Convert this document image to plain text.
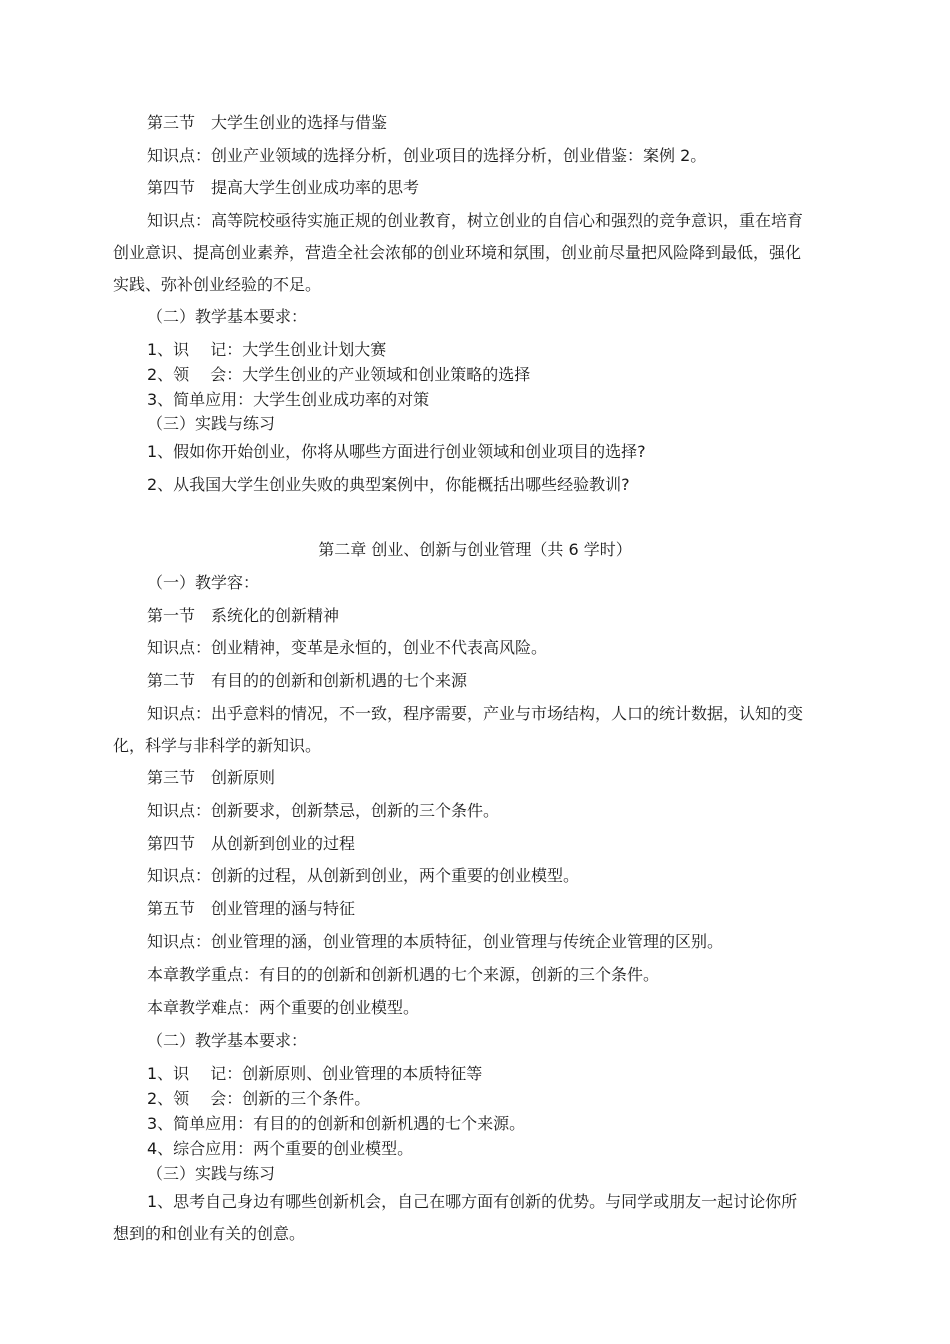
第三节　大学生创业的选择与借鉴
知识点：创业产业领域的选择分析，创业项目的选择分析，创业借鉴：案例 2。
第四节　提高大学生创业成功率的思考
知识点：高等院校亟待实施正规的创业教育，树立创业的自信心和强烈的竞争意识，重在培育
创业意识、提高创业素养，营造全社会浓郁的创业环境和氛围，创业前尽量把风险降到最低，强化
实践、弥补创业经验的不足。
（二）教学基本要求：
1、识　 记：大学生创业计划大赛
2、领　 会：大学生创业的产业领域和创业策略的选择
3、简单应用：大学生创业成功率的对策
（三）实践与练习
1、假如你开始创业，你将从哪些方面进行创业领域和创业项目的选择?
2、从我国大学生创业失败的典型案例中，你能概括出哪些经验教训?
第二章 创业、创新与创业管理（共 6 学时）
（一）教学容：
第一节　系统化的创新精神
知识点：创业精神，变革是永恒的，创业不代表高风险。
第二节　有目的的创新和创新机遇的七个来源
知识点：出乎意料的情况，不一致，程序需要，产业与市场结构，人口的统计数据，认知的变
化，科学与非科学的新知识。
第三节　创新原则
知识点：创新要求，创新禁忌，创新的三个条件。
第四节　从创新到创业的过程
知识点：创新的过程，从创新到创业，两个重要的创业模型。
第五节　创业管理的涵与特征
知识点：创业管理的涵，创业管理的本质特征，创业管理与传统企业管理的区别。
本章教学重点：有目的的创新和创新机遇的七个来源，创新的三个条件。
本章教学难点：两个重要的创业模型。
（二）教学基本要求：
1、识　 记：创新原则、创业管理的本质特征等
2、领　 会：创新的三个条件。
3、简单应用：有目的的创新和创新机遇的七个来源。
4、综合应用：两个重要的创业模型。
（三）实践与练习
1、思考自己身边有哪些创新机会，自己在哪方面有创新的优势。与同学或朋友一起讨论你所
想到的和创业有关的创意。
